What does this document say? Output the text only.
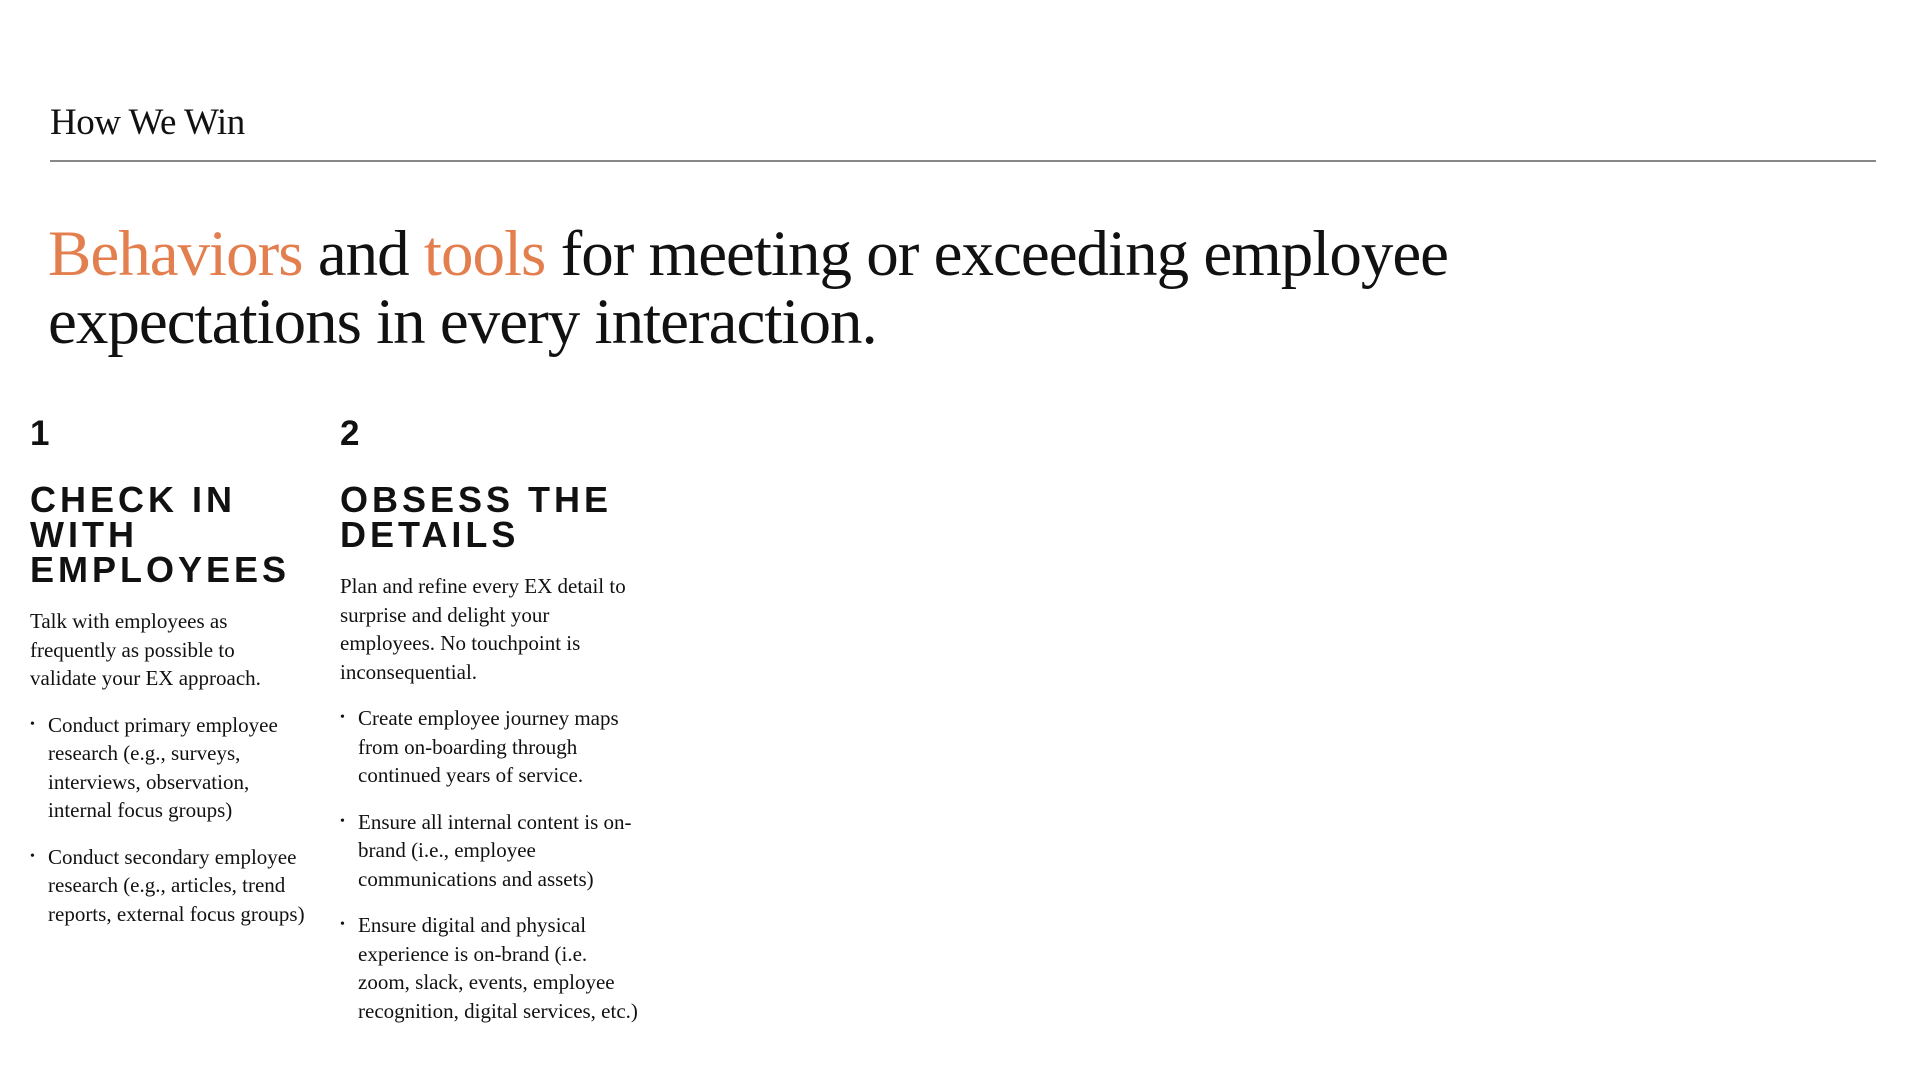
How We Win
Behaviors and tools for meeting or exceeding employee expectations in every interaction.

1

CHECK IN WITH EMPLOYEES

Talk with employees as frequently as possible to validate your EX approach.

• Conduct primary employee research (e.g., surveys, interviews, observation, internal focus groups)
• Conduct secondary employee research (e.g., articles, trend reports, external focus groups)

2

OBSESS THE DETAILS

Plan and refine every EX detail to surprise and delight your employees. No touchpoint is inconsequential.

• Create employee journey maps from on-boarding through continued years of service.
• Ensure all internal content is on-brand (i.e., employee communications and assets)
• Ensure digital and physical experience is on-brand (i.e. zoom, slack, events, employee recognition, digital services, etc.)
